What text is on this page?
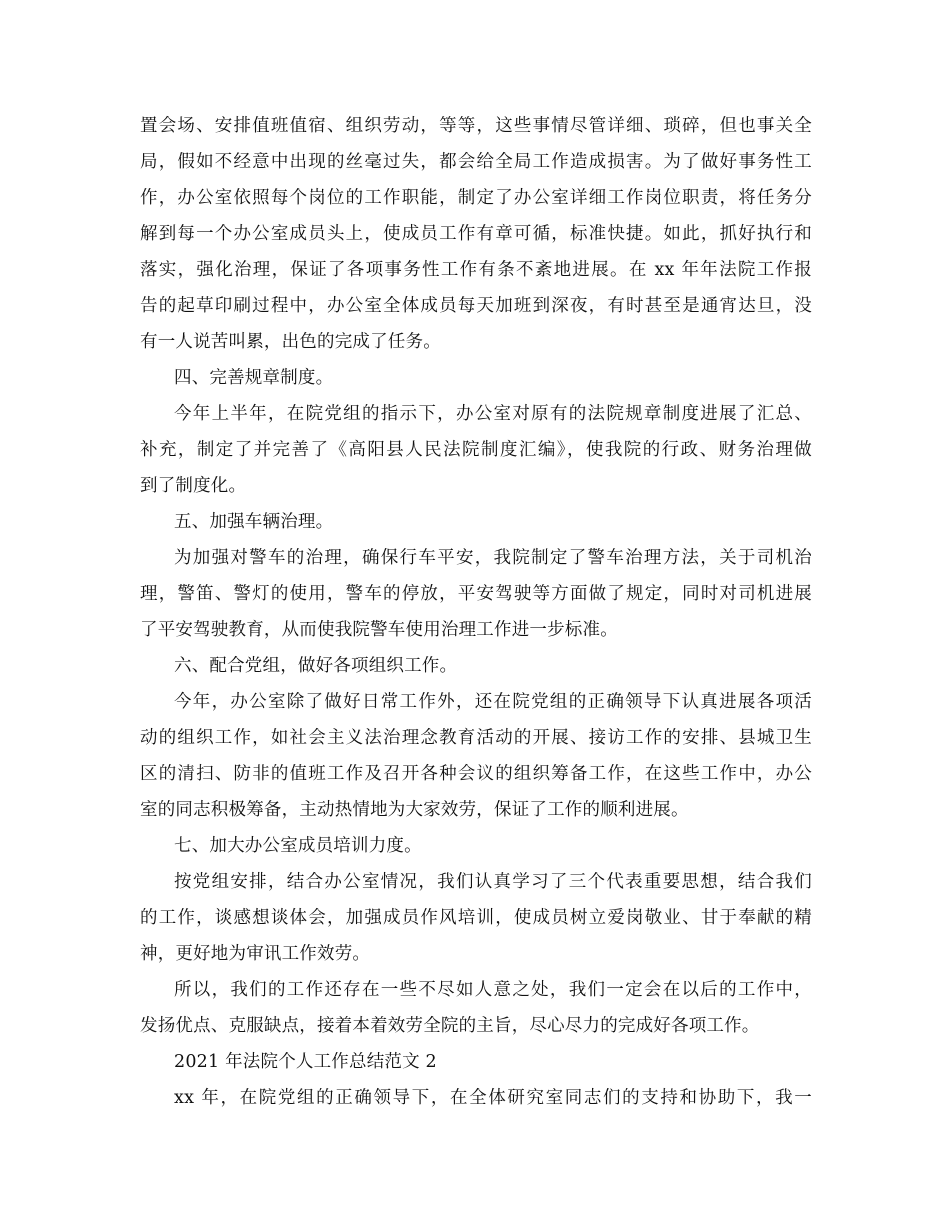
置会场、安排值班值宿、组织劳动，等等，这些事情尽管详细、琐碎，但也事关全
局，假如不经意中出现的丝毫过失，都会给全局工作造成损害。为了做好事务性工
作，办公室依照每个岗位的工作职能，制定了办公室详细工作岗位职责，将任务分
解到每一个办公室成员头上，使成员工作有章可循，标准快捷。如此，抓好执行和
落实，强化治理，保证了各项事务性工作有条不紊地进展。在 xx 年年法院工作报
告的起草印刷过程中，办公室全体成员每天加班到深夜，有时甚至是通宵达旦，没
有一人说苦叫累，出色的完成了任务。
四、完善规章制度。
今年上半年，在院党组的指示下，办公室对原有的法院规章制度进展了汇总、
补充，制定了并完善了《高阳县人民法院制度汇编》，使我院的行政、财务治理做
到了制度化。
五、加强车辆治理。
为加强对警车的治理，确保行车平安，我院制定了警车治理方法，关于司机治
理，警笛、警灯的使用，警车的停放，平安驾驶等方面做了规定，同时对司机进展
了平安驾驶教育，从而使我院警车使用治理工作进一步标准。
六、配合党组，做好各项组织工作。
今年，办公室除了做好日常工作外，还在院党组的正确领导下认真进展各项活
动的组织工作，如社会主义法治理念教育活动的开展、接访工作的安排、县城卫生
区的清扫、防非的值班工作及召开各种会议的组织筹备工作，在这些工作中，办公
室的同志积极筹备，主动热情地为大家效劳，保证了工作的顺利进展。
七、加大办公室成员培训力度。
按党组安排，结合办公室情况，我们认真学习了三个代表重要思想，结合我们
的工作，谈感想谈体会，加强成员作风培训，使成员树立爱岗敬业、甘于奉献的精
神，更好地为审讯工作效劳。
所以，我们的工作还存在一些不尽如人意之处，我们一定会在以后的工作中，
发扬优点、克服缺点，接着本着效劳全院的主旨，尽心尽力的完成好各项工作。
2021 年法院个人工作总结范文 2
xx 年，在院党组的正确领导下，在全体研究室同志们的支持和协助下，我一
